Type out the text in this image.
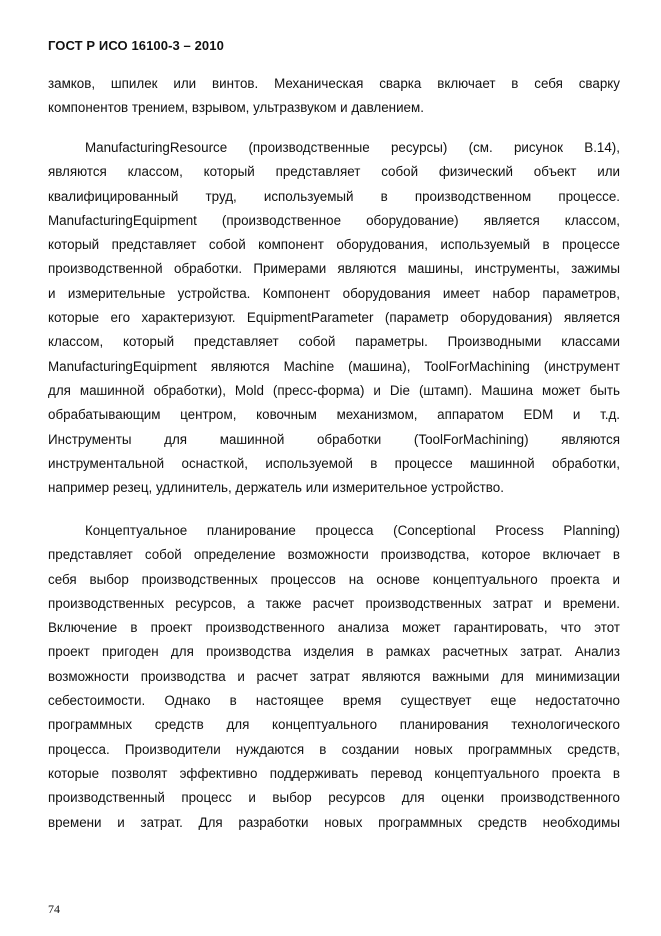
ГОСТ Р ИСО 16100-3 – 2010
замков, шпилек или винтов. Механическая сварка включает в себя сварку
компонентов трением, взрывом, ультразвуком и давлением.
ManufacturingResource (производственные ресурсы) (см. рисунок В.14),
являются классом, который представляет собой физический объект или
квалифицированный труд, используемый в производственном процессе.
ManufacturingEquipment (производственное оборудование) является классом,
который представляет собой компонент оборудования, используемый в процессе
производственной обработки. Примерами являются машины, инструменты, зажимы
и измерительные устройства. Компонент оборудования имеет набор параметров,
которые его характеризуют. EquipmentParameter (параметр оборудования) является
классом, который представляет собой параметры. Производными классами
ManufacturingEquipment являются Machine (машина), ToolForMachining (инструмент
для машинной обработки), Mold (пресс-форма) и Die (штамп). Машина может быть
обрабатывающим центром, ковочным механизмом, аппаратом EDM и т.д.
Инструменты для машинной обработки (ToolForMachining) являются
инструментальной оснасткой, используемой в процессе машинной обработки,
например резец, удлинитель, держатель или измерительное устройство.
Концептуальное планирование процесса (Conceptional Process Planning)
представляет собой определение возможности производства, которое включает в
себя выбор производственных процессов на основе концептуального проекта и
производственных ресурсов, а также расчет производственных затрат и времени.
Включение в проект производственного анализа может гарантировать, что этот
проект пригоден для производства изделия в рамках расчетных затрат. Анализ
возможности производства и расчет затрат являются важными для минимизации
себестоимости. Однако в настоящее время существует еще недостаточно
программных средств для концептуального планирования технологического
процесса. Производители нуждаются в создании новых программных средств,
которые позволят эффективно поддерживать перевод концептуального проекта в
производственный процесс и выбор ресурсов для оценки производственного
времени и затрат. Для разработки новых программных средств необходимы
74
